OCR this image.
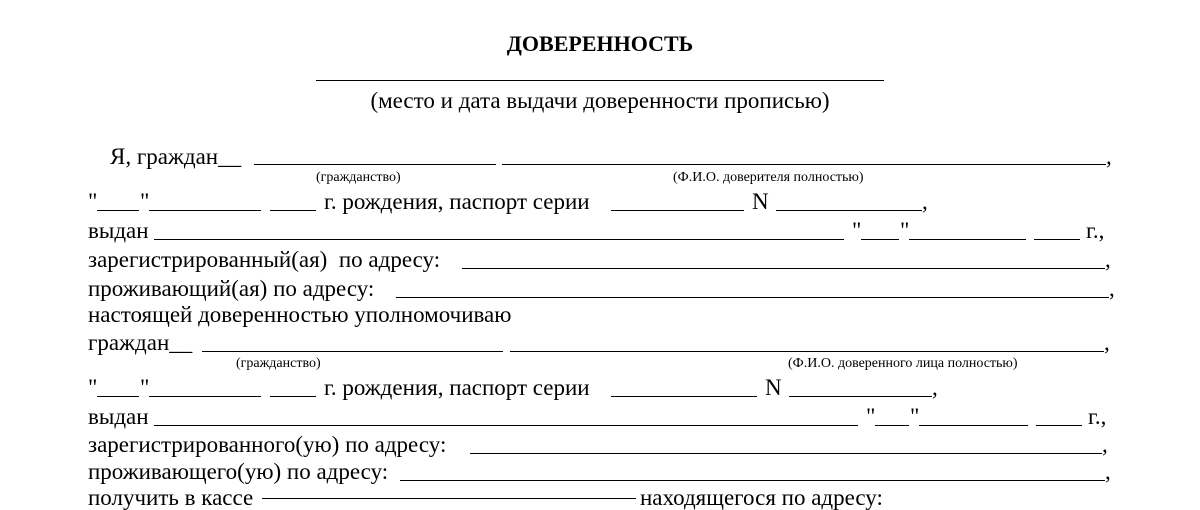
ДОВЕРЕННОСТЬ
(место и дата выдачи доверенности прописью)
Я, граждан__	,
(гражданство)	(Ф.И.О. доверителя полностью)
" "	г. рождения, паспорт серии	N	,
выдан	" "	г.,
зарегистрированный(ая)  по адресу:	,
проживающий(ая) по адресу:	,
настоящей доверенностью уполномочиваю
граждан__	,
(гражданство)	(Ф.И.О. доверенного лица полностью)
" "	г. рождения, паспорт серии	N	,
выдан	" "	г.,
зарегистрированного(ую) по адресу:	,
проживающего(ую) по адресу:	,
получить в кассе	находящегося по адресу:
